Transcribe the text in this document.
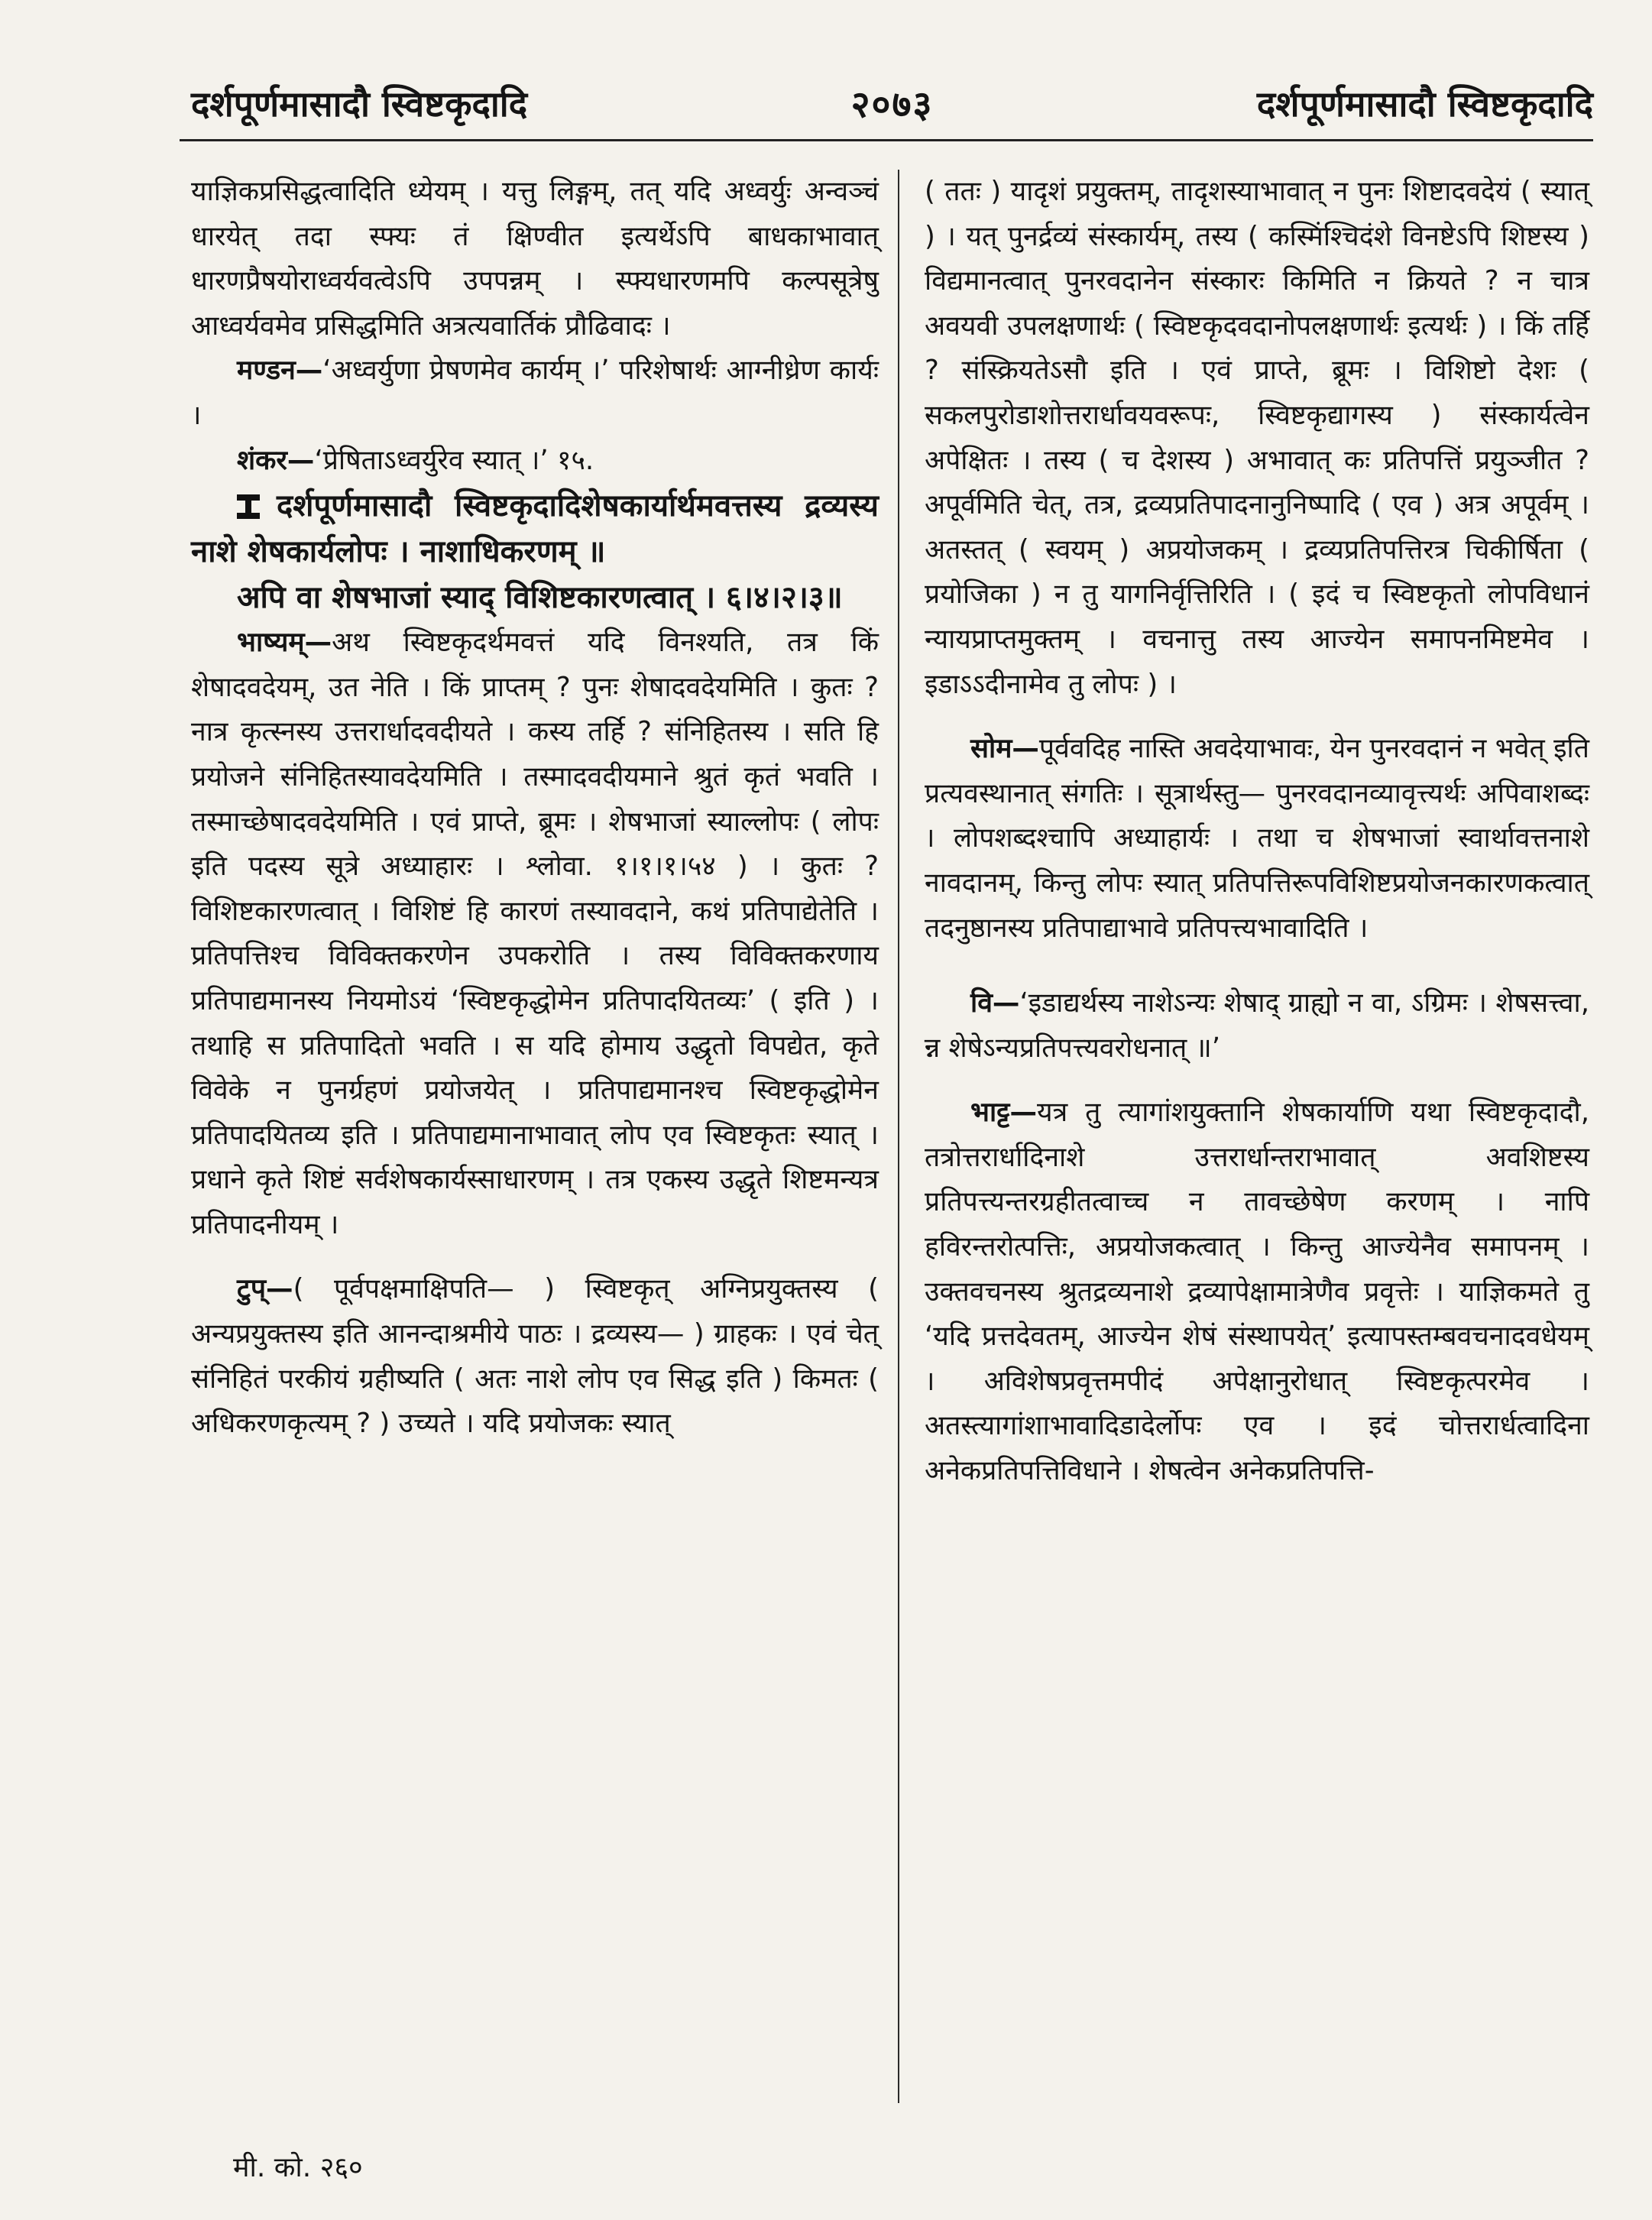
दर्शपूर्णमासादौ स्विष्टकृदादि	२०७३	दर्शपूर्णमासादौ स्विष्टकृदादि

याज्ञिकप्रसिद्धत्वादिति ध्येयम् । यत्तु लिङ्गम्, तत् यदि अध्वर्युः अन्वञ्चं धारयेत् तदा स्फ्यः तं क्षिण्वीत इत्यर्थेऽपि बाधकाभावात् धारणप्रैषयोराध्वर्यवत्वेऽपि उपपन्नम् । स्फ्यधारणमपि कल्पसूत्रेषु आध्वर्यवमेव प्रसिद्धमिति अत्रत्यवार्तिकं प्रौढिवादः ।

मण्डन—‘अध्वर्युणा प्रेषणमेव कार्यम् ।’ परिशेषार्थः आग्नीध्रेण कार्यः ।

शंकर—‘प्रेषिताऽध्वर्युरेव स्यात् ।’ १५.

दर्शपूर्णमासादौ स्विष्टकृदादिशेषकार्यार्थमवत्तस्य द्रव्यस्य नाशे शेषकार्यलोपः । नाशाधिकरणम् ॥

अपि वा शेषभाजां स्याद् विशिष्टकारणत्वात् । ६।४।२।३॥

भाष्यम्—अथ स्विष्टकृदर्थमवत्तं यदि विनश्यति, तत्र किं शेषादवदेयम्, उत नेति । किं प्राप्तम् ? पुनः शेषादवदेयमिति । कुतः ? नात्र कृत्स्नस्य उत्तरार्धादवदीयते । कस्य तर्हि ? संनिहितस्य । सति हि प्रयोजने संनिहितस्यावदेयमिति । तस्मादवदीयमाने श्रुतं कृतं भवति । तस्माच्छेषादवदेयमिति । एवं प्राप्ते, ब्रूमः । शेषभाजां स्याल्लोपः ( लोपः इति पदस्य सूत्रे अध्याहारः । श्लोवा. १।१।१।५४ ) । कुतः ? विशिष्टकारणत्वात् । विशिष्टं हि कारणं तस्यावदाने, कथं प्रतिपाद्येतेति । प्रतिपत्तिश्च विविक्तकरणेन उपकरोति । तस्य विविक्तकरणाय प्रतिपाद्यमानस्य नियमोऽयं ‘स्विष्टकृद्धोमेन प्रतिपादयितव्यः’ ( इति ) । तथाहि स प्रतिपादितो भवति । स यदि होमाय उद्धृतो विपद्येत, कृते विवेके न पुनर्ग्रहणं प्रयोजयेत् । प्रतिपाद्यमानश्च स्विष्टकृद्धोमेन प्रतिपादयितव्य इति । प्रतिपाद्यमानाभावात् लोप एव स्विष्टकृतः स्यात् । प्रधाने कृते शिष्टं सर्वशेषकार्यस्साधारणम् । तत्र एकस्य उद्धृते शिष्टमन्यत्र प्रतिपादनीयम् ।

टुप्—( पूर्वपक्षमाक्षिपति— ) स्विष्टकृत् अग्निप्रयुक्तस्य ( अन्यप्रयुक्तस्य इति आनन्दाश्रमीये पाठः । द्रव्यस्य— ) ग्राहकः । एवं चेत् संनिहितं परकीयं ग्रहीष्यति ( अतः नाशे लोप एव सिद्ध इति ) किमतः ( अधिकरणकृत्यम् ? ) उच्यते । यदि प्रयोजकः स्यात्

( ततः ) यादृशं प्रयुक्तम्, तादृशस्याभावात् न पुनः शिष्टादवदेयं ( स्यात् ) । यत् पुनर्द्रव्यं संस्कार्यम्, तस्य ( कस्मिंश्चिदंशे विनष्टेऽपि शिष्टस्य ) विद्यमानत्वात् पुनरवदानेन संस्कारः किमिति न क्रियते ? न चात्र अवयवी उपलक्षणार्थः ( स्विष्टकृदवदानोपलक्षणार्थः इत्यर्थः ) । किं तर्हि ? संस्क्रियतेऽसौ इति । एवं प्राप्ते, ब्रूमः । विशिष्टो देशः ( सकलपुरोडाशोत्तरार्धावयवरूपः, स्विष्टकृद्यागस्य ) संस्कार्यत्वेन अपेक्षितः । तस्य ( च देशस्य ) अभावात् कः प्रतिपत्तिं प्रयुञ्जीत ? अपूर्वमिति चेत्, तत्र, द्रव्यप्रतिपादनानुनिष्पादि ( एव ) अत्र अपूर्वम् । अतस्तत् ( स्वयम् ) अप्रयोजकम् । द्रव्यप्रतिपत्तिरत्र चिकीर्षिता ( प्रयोजिका ) न तु यागनिर्वृत्तिरिति । ( इदं च स्विष्टकृतो लोपविधानं न्यायप्राप्तमुक्तम् । वचनात्तु तस्य आज्येन समापनमिष्टमेव । इडाऽऽदीनामेव तु लोपः ) ।

सोम—पूर्ववदिह नास्ति अवदेयाभावः, येन पुनरवदानं न भवेत् इति प्रत्यवस्थानात् संगतिः । सूत्रार्थस्तु— पुनरवदानव्यावृत्त्यर्थः अपिवाशब्दः । लोपशब्दश्चापि अध्याहार्यः । तथा च शेषभाजां स्वार्थावत्तनाशे नावदानम्, किन्तु लोपः स्यात् प्रतिपत्तिरूपविशिष्टप्रयोजनकारणकत्वात् तदनुष्ठानस्य प्रतिपाद्याभावे प्रतिपत्त्यभावादिति ।

वि—‘इडाद्यर्थस्य नाशेऽन्यः शेषाद् ग्राह्यो न वा, ऽग्रिमः । शेषसत्त्वा, न्न शेषेऽन्यप्रतिपत्त्यवरोधनात् ॥’

भाट्ट—यत्र तु त्यागांशयुक्तानि शेषकार्याणि यथा स्विष्टकृदादौ, तत्रोत्तरार्धादिनाशे उत्तरार्धान्तराभावात् अवशिष्टस्य प्रतिपत्त्यन्तरग्रहीतत्वाच्च न तावच्छेषेण करणम् । नापि हविरन्तरोत्पत्तिः, अप्रयोजकत्वात् । किन्तु आज्येनैव समापनम् । उक्तवचनस्य श्रुतद्रव्यनाशे द्रव्यापेक्षामात्रेणैव प्रवृत्तेः । याज्ञिकमते तु ‘यदि प्रत्तदेवतम्, आज्येन शेषं संस्थापयेत्’ इत्यापस्तम्बवचनादवधेयम् । अविशेषप्रवृत्तमपीदं अपेक्षानुरोधात् स्विष्टकृत्परमेव । अतस्त्यागांशाभावादिडादेर्लोपः एव । इदं चोत्तरार्धत्वादिना अनेकप्रतिपत्तिविधाने । शेषत्वेन अनेकप्रतिपत्ति-

मी. को. २६०
